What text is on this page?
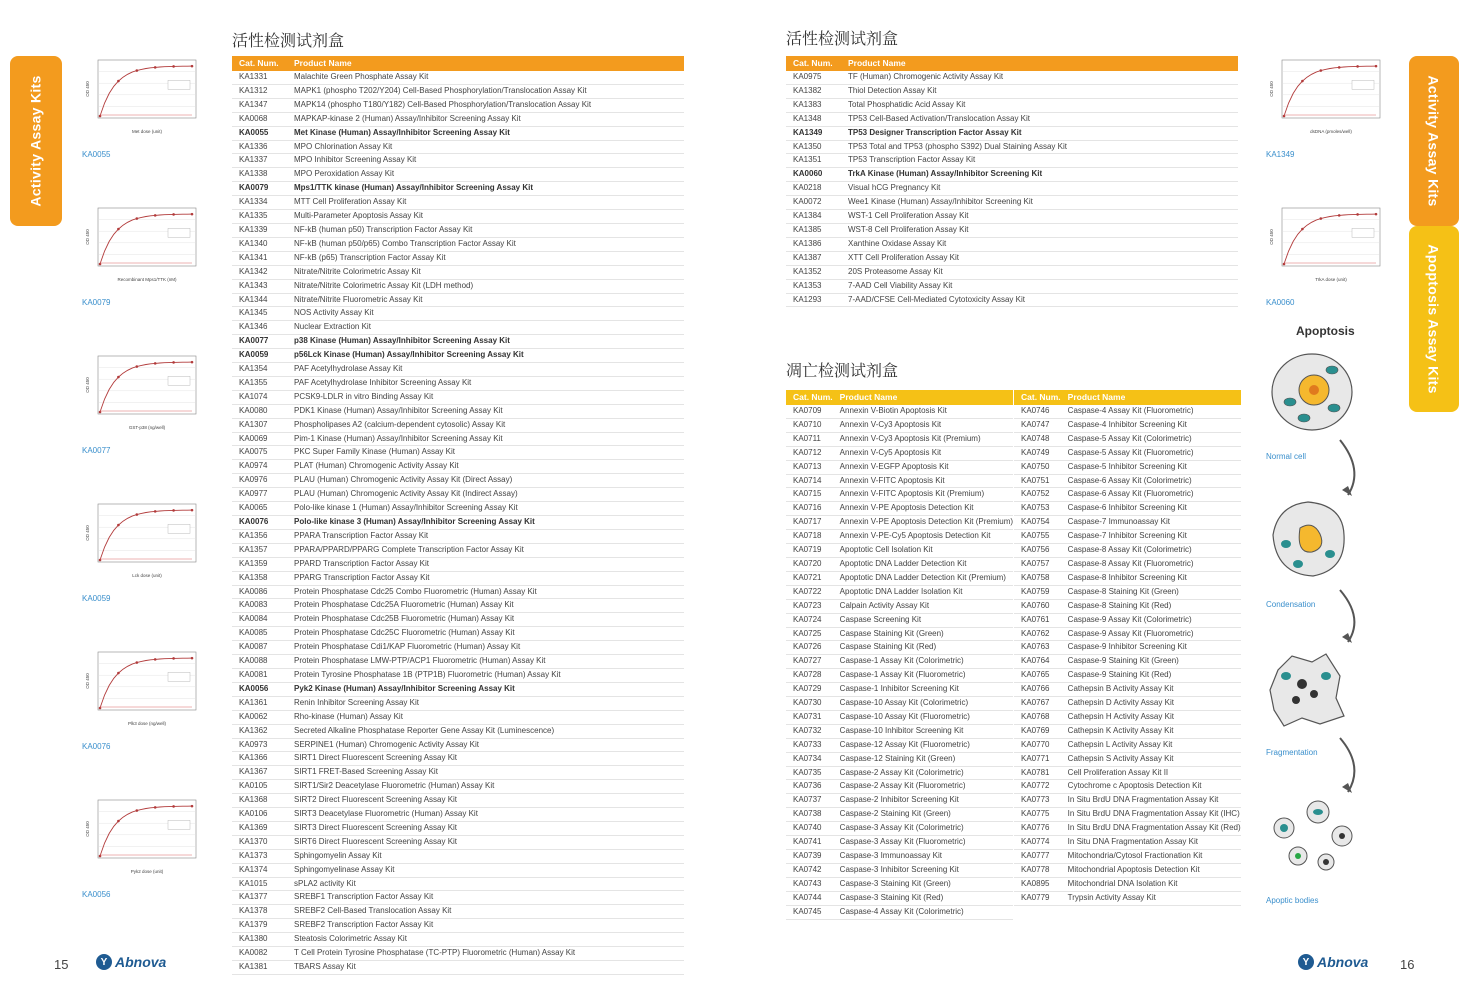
Activity Assay Kits	Activity Assay Kits
Apoptosis Assay Kits
活性检测试剂盒	活性检测试剂盒
凋亡检测试剂盒
Cat. Num.	Product Name
KA1331	Malachite Green Phosphate Assay Kit
KA1312	MAPK1 (phospho T202/Y204) Cell-Based Phosphorylation/Translocation Assay Kit
KA1347	MAPK14 (phospho T180/Y182) Cell-Based Phosphorylation/Translocation Assay Kit
KA0068	MAPKAP-kinase 2 (Human) Assay/Inhibitor Screening Assay Kit
KA0055	Met Kinase (Human) Assay/Inhibitor Screening Assay Kit
KA1336	MPO Chlorination Assay Kit
KA1337	MPO Inhibitor Screening Assay Kit
KA1338	MPO Peroxidation Assay Kit
KA0079	Mps1/TTK kinase (Human) Assay/Inhibitor Screening Assay Kit
KA1334	MTT Cell Proliferation Assay Kit
KA1335	Multi-Parameter Apoptosis Assay Kit
KA1339	NF-kB (human p50) Transcription Factor Assay Kit
KA1340	NF-kB (human p50/p65) Combo Transcription Factor Assay Kit
KA1341	NF-kB (p65) Transcription Factor Assay Kit
KA1342	Nitrate/Nitrite Colorimetric Assay Kit
KA1343	Nitrate/Nitrite Colorimetric Assay Kit (LDH method)
KA1344	Nitrate/Nitrite Fluorometric Assay Kit
KA1345	NOS Activity Assay Kit
KA1346	Nuclear Extraction Kit
KA0077	p38 Kinase (Human) Assay/Inhibitor Screening Assay Kit
KA0059	p56Lck Kinase (Human) Assay/Inhibitor Screening Assay Kit
KA1354	PAF Acetylhydrolase Assay Kit
KA1355	PAF Acetylhydrolase Inhibitor Screening Assay Kit
KA1074	PCSK9-LDLR in vitro Binding Assay Kit
KA0080	PDK1 Kinase (Human) Assay/Inhibitor Screening Assay Kit
KA1307	Phospholipases A2 (calcium-dependent cytosolic) Assay Kit
KA0069	Pim-1 Kinase (Human) Assay/Inhibitor Screening Assay Kit
KA0075	PKC Super Family Kinase (Human) Assay Kit
KA0974	PLAT (Human) Chromogenic Activity Assay Kit
KA0976	PLAU (Human) Chromogenic Activity Assay Kit (Direct Assay)
KA0977	PLAU (Human) Chromogenic Activity Assay Kit (Indirect Assay)
KA0065	Polo-like kinase 1 (Human) Assay/Inhibitor Screening Assay Kit
KA0076	Polo-like kinase 3 (Human) Assay/Inhibitor Screening Assay Kit
KA1356	PPARA Transcription Factor Assay Kit
KA1357	PPARA/PPARD/PPARG Complete Transcription Factor Assay Kit
KA1359	PPARD Transcription Factor Assay Kit
KA1358	PPARG Transcription Factor Assay Kit
KA0086	Protein Phosphatase Cdc25 Combo Fluorometric (Human) Assay Kit
KA0083	Protein Phosphatase Cdc25A Fluorometric (Human) Assay Kit
KA0084	Protein Phosphatase Cdc25B Fluorometric (Human) Assay Kit
KA0085	Protein Phosphatase Cdc25C Fluorometric (Human) Assay Kit
KA0087	Protein Phosphatase Cdi1/KAP Fluorometric (Human) Assay Kit
KA0088	Protein Phosphatase LMW-PTP/ACP1 Fluorometric (Human) Assay Kit
KA0081	Protein Tyrosine Phosphatase 1B (PTP1B) Fluorometric (Human) Assay Kit
KA0056	Pyk2 Kinase (Human) Assay/Inhibitor Screening Assay Kit
KA1361	Renin Inhibitor Screening Assay Kit
KA0062	Rho-kinase (Human) Assay Kit
KA1362	Secreted Alkaline Phosphatase Reporter Gene Assay Kit (Luminescence)
KA0973	SERPINE1 (Human) Chromogenic Activity Assay Kit
KA1366	SIRT1 Direct Fluorescent Screening Assay Kit
KA1367	SIRT1 FRET-Based Screening Assay Kit
KA0105	SIRT1/Sir2 Deacetylase Fluorometric (Human) Assay Kit
KA1368	SIRT2 Direct Fluorescent Screening Assay Kit
KA0106	SIRT3 Deacetylase Fluorometric (Human) Assay Kit
KA1369	SIRT3 Direct Fluorescent Screening Assay Kit
KA1370	SIRT6 Direct Fluorescent Screening Assay Kit
KA1373	Sphingomyelin Assay Kit
KA1374	Sphingomyelinase Assay Kit
KA1015	sPLA2 activity Kit
KA1377	SREBF1 Transcription Factor Assay Kit
KA1378	SREBF2 Cell-Based Translocation Assay Kit
KA1379	SREBF2 Transcription Factor Assay Kit
KA1380	Steatosis Colorimetric Assay Kit
KA0082	T Cell Protein Tyrosine Phosphatase (TC-PTP) Fluorometric (Human) Assay Kit
KA1381	TBARS Assay Kit
Cat. Num.	Product Name
KA0975	TF (Human) Chromogenic Activity Assay Kit
KA1382	Thiol Detection Assay Kit
KA1383	Total Phosphatidic Acid Assay Kit
KA1348	TP53 Cell-Based Activation/Translocation Assay Kit
KA1349	TP53 Designer Transcription Factor Assay Kit
KA1350	TP53 Total and TP53 (phospho S392) Dual Staining Assay Kit
KA1351	TP53 Transcription Factor Assay Kit
KA0060	TrkA Kinase (Human) Assay/Inhibitor Screening Kit
KA0218	Visual hCG Pregnancy Kit
KA0072	Wee1 Kinase (Human) Assay/Inhibitor Screening Kit
KA1384	WST-1 Cell Proliferation Assay Kit
KA1385	WST-8 Cell Proliferation Assay Kit
KA1386	Xanthine Oxidase Assay Kit
KA1387	XTT Cell Proliferation Assay Kit
KA1352	20S Proteasome Assay Kit
KA1353	7-AAD Cell Viability Assay Kit
KA1293	7-AAD/CFSE Cell-Mediated Cytotoxicity Assay Kit
Cat. Num.	Product Name
KA0709	Annexin V-Biotin Apoptosis Kit
KA0710	Annexin V-Cy3 Apoptosis Kit
KA0711	Annexin V-Cy3 Apoptosis Kit (Premium)
KA0712	Annexin V-Cy5 Apoptosis Kit
KA0713	Annexin V-EGFP Apoptosis Kit
KA0714	Annexin V-FITC Apoptosis Kit
KA0715	Annexin V-FITC Apoptosis Kit (Premium)
KA0716	Annexin V-PE Apoptosis Detection Kit
KA0717	Annexin V-PE Apoptosis Detection Kit (Premium)
KA0718	Annexin V-PE-Cy5 Apoptosis Detection Kit
KA0719	Apoptotic Cell Isolation Kit
KA0720	Apoptotic DNA Ladder Detection Kit
KA0721	Apoptotic DNA Ladder Detection Kit (Premium)
KA0722	Apoptotic DNA Ladder Isolation Kit
KA0723	Calpain Activity Assay Kit
KA0724	Caspase Screening Kit
KA0725	Caspase Staining Kit (Green)
KA0726	Caspase Staining Kit (Red)
KA0727	Caspase-1 Assay Kit (Colorimetric)
KA0728	Caspase-1 Assay Kit (Fluorometric)
KA0729	Caspase-1 Inhibitor Screening Kit
KA0730	Caspase-10 Assay Kit (Colorimetric)
KA0731	Caspase-10 Assay Kit (Fluorometric)
KA0732	Caspase-10 Inhibitor Screening Kit
KA0733	Caspase-12 Assay Kit (Fluorometric)
KA0734	Caspase-12 Staining Kit (Green)
KA0735	Caspase-2 Assay Kit (Colorimetric)
KA0736	Caspase-2 Assay Kit (Fluorometric)
KA0737	Caspase-2 Inhibitor Screening Kit
KA0738	Caspase-2 Staining Kit (Green)
KA0740	Caspase-3 Assay Kit (Colorimetric)
KA0741	Caspase-3 Assay Kit (Fluorometric)
KA0739	Caspase-3 Immunoassay Kit
KA0742	Caspase-3 Inhibitor Screening Kit
KA0743	Caspase-3 Staining Kit (Green)
KA0744	Caspase-3 Staining Kit (Red)
KA0745	Caspase-4 Assay Kit (Colorimetric)
Cat. Num.	Product Name
KA0746	Caspase-4 Assay Kit (Fluorometric)
KA0747	Caspase-4 Inhibitor Screening Kit
KA0748	Caspase-5 Assay Kit (Colorimetric)
KA0749	Caspase-5 Assay Kit (Fluorometric)
KA0750	Caspase-5 Inhibitor Screening Kit
KA0751	Caspase-6 Assay Kit (Colorimetric)
KA0752	Caspase-6 Assay Kit (Fluorometric)
KA0753	Caspase-6 Inhibitor Screening Kit
KA0754	Caspase-7 Immunoassay Kit
KA0755	Caspase-7 Inhibitor Screening Kit
KA0756	Caspase-8 Assay Kit (Colorimetric)
KA0757	Caspase-8 Assay Kit (Fluorometric)
KA0758	Caspase-8 Inhibitor Screening Kit
KA0759	Caspase-8 Staining Kit (Green)
KA0760	Caspase-8 Staining Kit (Red)
KA0761	Caspase-9 Assay Kit (Colorimetric)
KA0762	Caspase-9 Assay Kit (Fluorometric)
KA0763	Caspase-9 Inhibitor Screening Kit
KA0764	Caspase-9 Staining Kit (Green)
KA0765	Caspase-9 Staining Kit (Red)
KA0766	Cathepsin B Activity Assay Kit
KA0767	Cathepsin D Activity Assay Kit
KA0768	Cathepsin H Activity Assay Kit
KA0769	Cathepsin K Activity Assay Kit
KA0770	Cathepsin L Activity Assay Kit
KA0771	Cathepsin S Activity Assay Kit
KA0781	Cell Proliferation Assay Kit II
KA0772	Cytochrome c Apoptosis Detection Kit
KA0773	In Situ BrdU DNA Fragmentation Assay Kit
KA0775	In Situ BrdU DNA Fragmentation Assay Kit (IHC)
KA0776	In Situ BrdU DNA Fragmentation Assay Kit (Red)
KA0774	In Situ DNA Fragmentation Assay Kit
KA0777	Mitochondria/Cytosol Fractionation Kit
KA0778	Mitochondrial Apoptosis Detection Kit
KA0895	Mitochondrial DNA Isolation Kit
KA0779	Trypsin Activity Assay Kit
Met dose (unit)
OD 450
KA0055
Recombinant Mps1/TTK (nM)
OD 450
KA0079
GST-p38 (ng/well)
OD 450
KA0077
Lck dose (unit)
OD 450
KA0059
Plk3 dose (ng/well)
OD 450
KA0076
Pyk2 dose (unit)
OD 450
KA0056
dsDNA (pmoles/well)
OD 450
KA1349
TrkA dose (unit)
OD 450
KA0060
Apoptosis
Normal cell
Condensation
Fragmentation
Apoptic bodies
15	Y Abnova	Y Abnova 16
